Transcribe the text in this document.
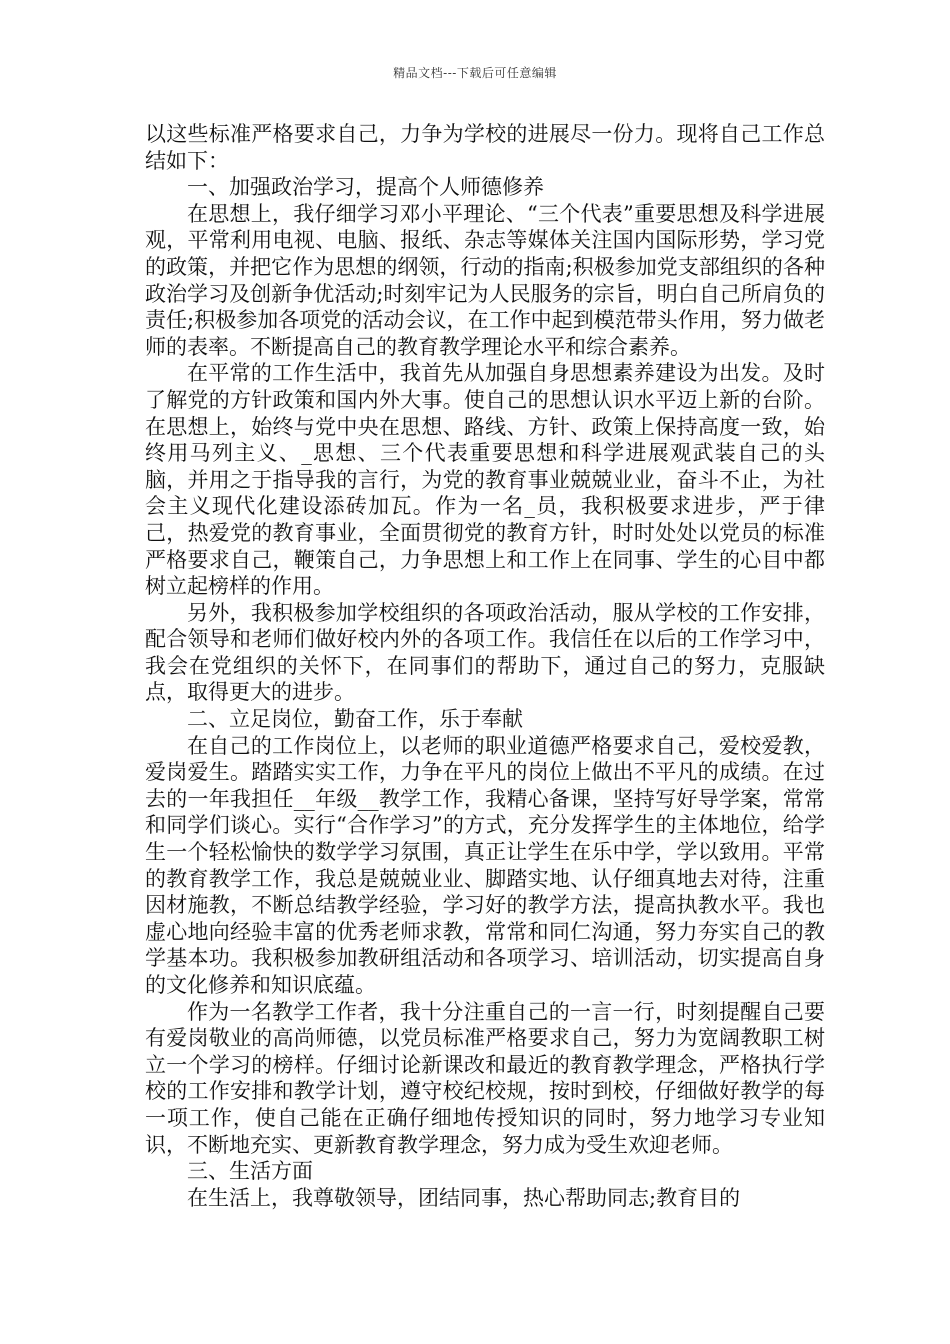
精品文档---下载后可任意编辑

以这些标准严格要求自己，力争为学校的进展尽一份力。现将自己工作总结如下：

一、加强政治学习，提高个人师德修养

在思想上，我仔细学习邓小平理论、“三个代表”重要思想及科学进展观，平常利用电视、电脑、报纸、杂志等媒体关注国内国际形势，学习党的政策，并把它作为思想的纲领，行动的指南;积极参加党支部组织的各种政治学习及创新争优活动;时刻牢记为人民服务的宗旨，明白自己所肩负的责任;积极参加各项党的活动会议，在工作中起到模范带头作用，努力做老师的表率。不断提高自己的教育教学理论水平和综合素养。

在平常的工作生活中，我首先从加强自身思想素养建设为出发。及时了解党的方针政策和国内外大事。使自己的思想认识水平迈上新的台阶。在思想上，始终与党中央在思想、路线、方针、政策上保持高度一致，始终用马列主义、_思想、三个代表重要思想和科学进展观武装自己的头脑，并用之于指导我的言行，为党的教育事业兢兢业业，奋斗不止，为社会主义现代化建设添砖加瓦。作为一名_员，我积极要求进步，严于律己，热爱党的教育事业，全面贯彻党的教育方针，时时处处以党员的标准严格要求自己，鞭策自己，力争思想上和工作上在同事、学生的心目中都树立起榜样的作用。

另外，我积极参加学校组织的各项政治活动，服从学校的工作安排，配合领导和老师们做好校内外的各项工作。我信任在以后的工作学习中，我会在党组织的关怀下，在同事们的帮助下，通过自己的努力，克服缺点，取得更大的进步。

二、立足岗位，勤奋工作，乐于奉献

在自己的工作岗位上，以老师的职业道德严格要求自己，爱校爱教，爱岗爱生。踏踏实实工作，力争在平凡的岗位上做出不平凡的成绩。在过去的一年我担任__年级__教学工作，我精心备课，坚持写好导学案，常常和同学们谈心。实行“合作学习”的方式，充分发挥学生的主体地位，给学生一个轻松愉快的数学学习氛围，真正让学生在乐中学，学以致用。平常的教育教学工作，我总是兢兢业业、脚踏实地、认仔细真地去对待，注重因材施教，不断总结教学经验，学习好的教学方法，提高执教水平。我也虚心地向经验丰富的优秀老师求教，常常和同仁沟通，努力夯实自己的教学基本功。我积极参加教研组活动和各项学习、培训活动，切实提高自身的文化修养和知识底蕴。

作为一名教学工作者，我十分注重自己的一言一行，时刻提醒自己要有爱岗敬业的高尚师德，以党员标准严格要求自己，努力为宽阔教职工树立一个学习的榜样。仔细讨论新课改和最近的教育教学理念，严格执行学校的工作安排和教学计划，遵守校纪校规，按时到校，仔细做好教学的每一项工作，使自己能在正确仔细地传授知识的同时，努力地学习专业知识，不断地充实、更新教育教学理念，努力成为受生欢迎老师。

三、生活方面

在生活上，我尊敬领导，团结同事，热心帮助同志;教育目的
